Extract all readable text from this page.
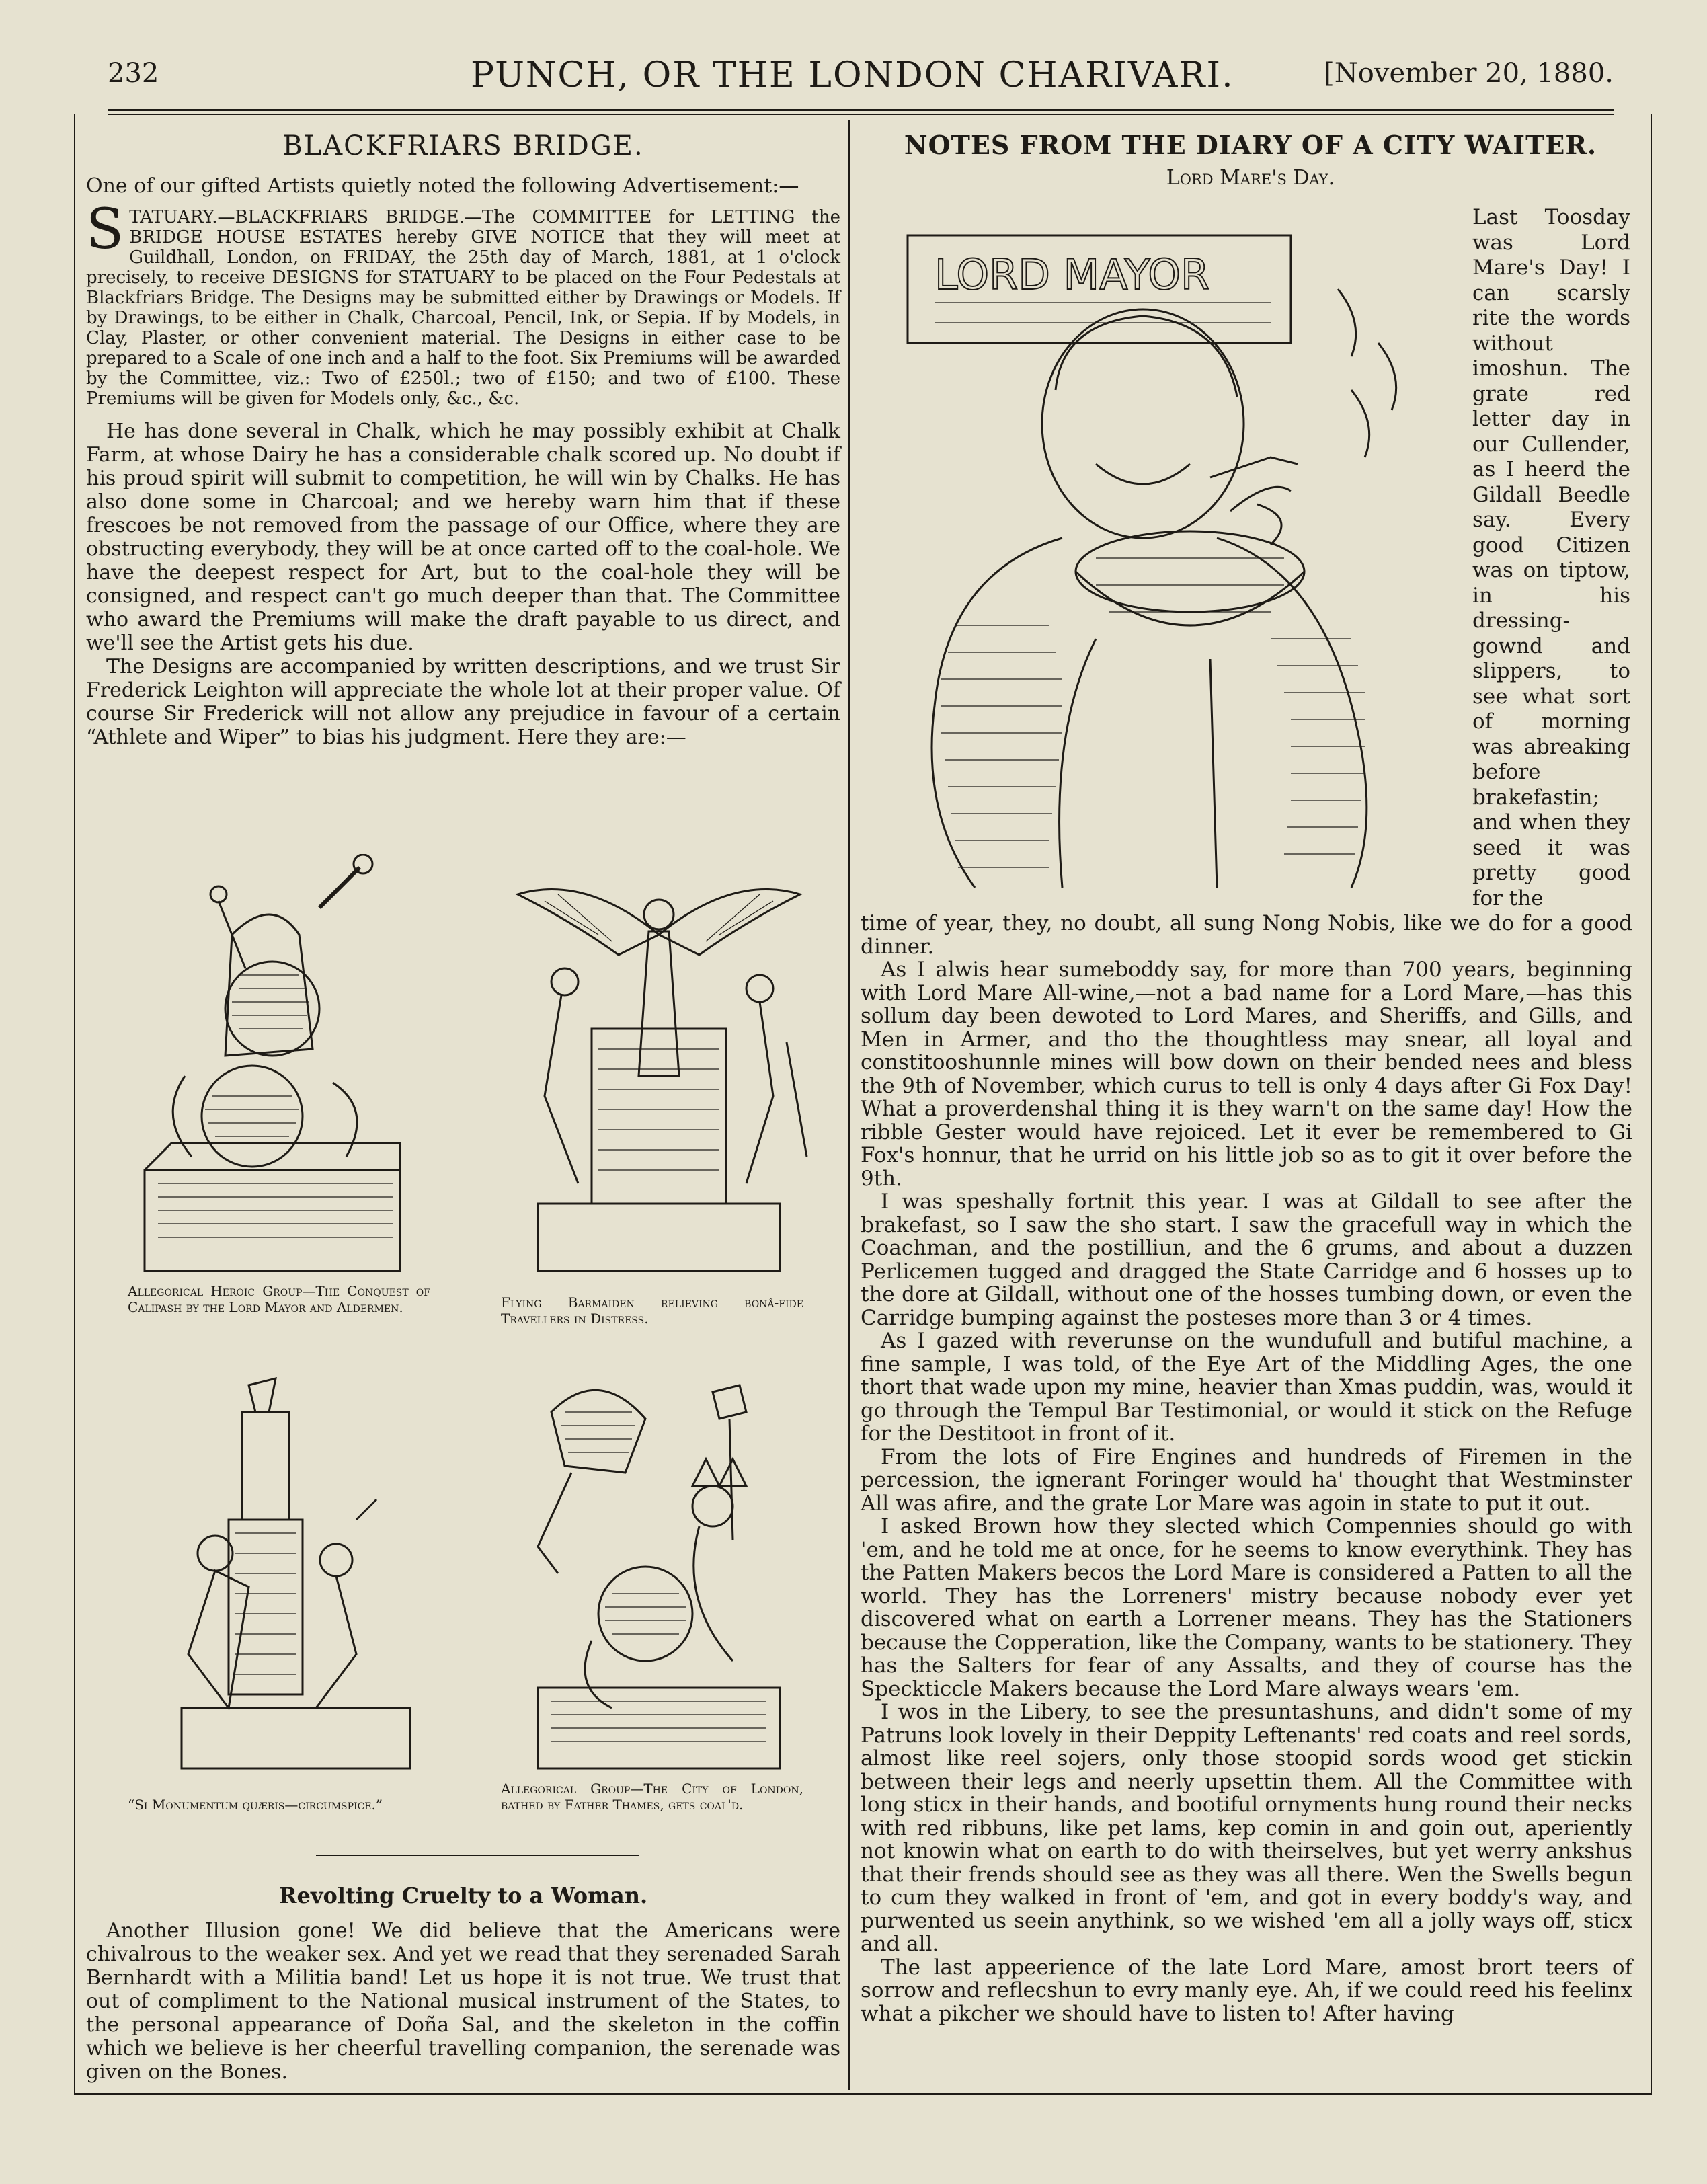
232	PUNCH, OR THE LONDON CHARIVARI.	[November 20, 1880.

BLACKFRIARS BRIDGE.

One of our gifted Artists quietly noted the following Advertisement:—

STATUARY.—BLACKFRIARS BRIDGE.—The COMMITTEE for LETTING the BRIDGE HOUSE ESTATES hereby GIVE NOTICE that they will meet at Guildhall, London, on FRIDAY, the 25th day of March, 1881, at 1 o'clock precisely, to receive DESIGNS for STATUARY to be placed on the Four Pedestals at Blackfriars Bridge. The Designs may be submitted either by Drawings or Models. If by Drawings, to be either in Chalk, Charcoal, Pencil, Ink, or Sepia. If by Models, in Clay, Plaster, or other convenient material. The Designs in either case to be prepared to a Scale of one inch and a half to the foot. Six Premiums will be awarded by the Committee, viz.: Two of £250l.; two of £150; and two of £100. These Premiums will be given for Models only, &c., &c.

He has done several in Chalk, which he may possibly exhibit at Chalk Farm, at whose Dairy he has a considerable chalk scored up. No doubt if his proud spirit will submit to competition, he will win by Chalks. He has also done some in Charcoal; and we hereby warn him that if these frescoes be not removed from the passage of our Office, where they are obstructing everybody, they will be at once carted off to the coal-hole. We have the deepest respect for Art, but to the coal-hole they will be consigned, and respect can't go much deeper than that. The Committee who award the Premiums will make the draft payable to us direct, and we'll see the Artist gets his due.

The Designs are accompanied by written descriptions, and we trust Sir Frederick Leighton will appreciate the whole lot at their proper value. Of course Sir Frederick will not allow any prejudice in favour of a certain “Athlete and Wiper” to bias his judgment. Here they are:—

Allegorical Heroic Group—The Conquest of Calipash by the Lord Mayor and Aldermen.	Flying Barmaiden relieving bonâ-fide Travellers in Distress.
“Si Monumentum quæris—circumspice.”
Allegorical Group—The City of London, bathed by Father Thames, gets coal'd.
Revolting Cruelty to a Woman.

Another Illusion gone! We did believe that the Americans were chivalrous to the weaker sex. And yet we read that they serenaded Sarah Bernhardt with a Militia band! Let us hope it is not true. We trust that out of compliment to the National musical instrument of the States, to the personal appearance of Doña Sal, and the skeleton in the coffin which we believe is her cheerful travelling companion, the serenade was given on the Bones.

NOTES FROM THE DIARY OF A CITY WAITER.

Lord Mare's Day.

LORD MAYOR

Last Toosday was Lord Mare's Day! I can scarsly rite the words without imoshun. The grate red letter day in our Cullender, as I heerd the Gildall Beedle say. Every good Citizen was on tiptow, in his dressing-gownd and slippers, to see what sort of morning was abreaking before brakefastin; and when they seed it was pretty good for the

time of year, they, no doubt, all sung Nong Nobis, like we do for a good dinner.

As I alwis hear sumeboddy say, for more than 700 years, beginning with Lord Mare All-wine,—not a bad name for a Lord Mare,—has this sollum day been dewoted to Lord Mares, and Sheriffs, and Gills, and Men in Armer, and tho the thoughtless may snear, all loyal and constitooshunnle mines will bow down on their bended nees and bless the 9th of November, which curus to tell is only 4 days after Gi Fox Day! What a proverdenshal thing it is they warn't on the same day! How the ribble Gester would have rejoiced. Let it ever be remembered to Gi Fox's honnur, that he urrid on his little job so as to git it over before the 9th.

I was speshally fortnit this year. I was at Gildall to see after the brakefast, so I saw the sho start. I saw the gracefull way in which the Coachman, and the postilliun, and the 6 grums, and about a duzzen Perlicemen tugged and dragged the State Carridge and 6 hosses up to the dore at Gildall, without one of the hosses tumbing down, or even the Carridge bumping against the posteses more than 3 or 4 times.

As I gazed with reverunse on the wundufull and butiful machine, a fine sample, I was told, of the Eye Art of the Middling Ages, the one thort that wade upon my mine, heavier than Xmas puddin, was, would it go through the Tempul Bar Testimonial, or would it stick on the Refuge for the Destitoot in front of it.

From the lots of Fire Engines and hundreds of Firemen in the percession, the ignerant Foringer would ha' thought that Westminster All was afire, and the grate Lor Mare was agoin in state to put it out.

I asked Brown how they slected which Compennies should go with 'em, and he told me at once, for he seems to know everythink. They has the Patten Makers becos the Lord Mare is considered a Patten to all the world. They has the Lorreners' mistry because nobody ever yet discovered what on earth a Lorrener means. They has the Stationers because the Copperation, like the Company, wants to be stationery. They has the Salters for fear of any Assalts, and they of course has the Speckticcle Makers because the Lord Mare always wears 'em.

I wos in the Libery, to see the presuntashuns, and didn't some of my Patruns look lovely in their Deppity Leftenants' red coats and reel sords, almost like reel sojers, only those stoopid sords wood get stickin between their legs and neerly upsettin them. All the Committee with long sticx in their hands, and bootiful ornyments hung round their necks with red ribbuns, like pet lams, kep comin in and goin out, aperiently not knowin what on earth to do with theirselves, but yet werry ankshus that their frends should see as they was all there. Wen the Swells begun to cum they walked in front of 'em, and got in every boddy's way, and purwented us seein anythink, so we wished 'em all a jolly ways off, sticx and all.

The last appeerience of the late Lord Mare, amost brort teers of sorrow and reflecshun to evry manly eye. Ah, if we could reed his feelinx what a pikcher we should have to listen to! After having
